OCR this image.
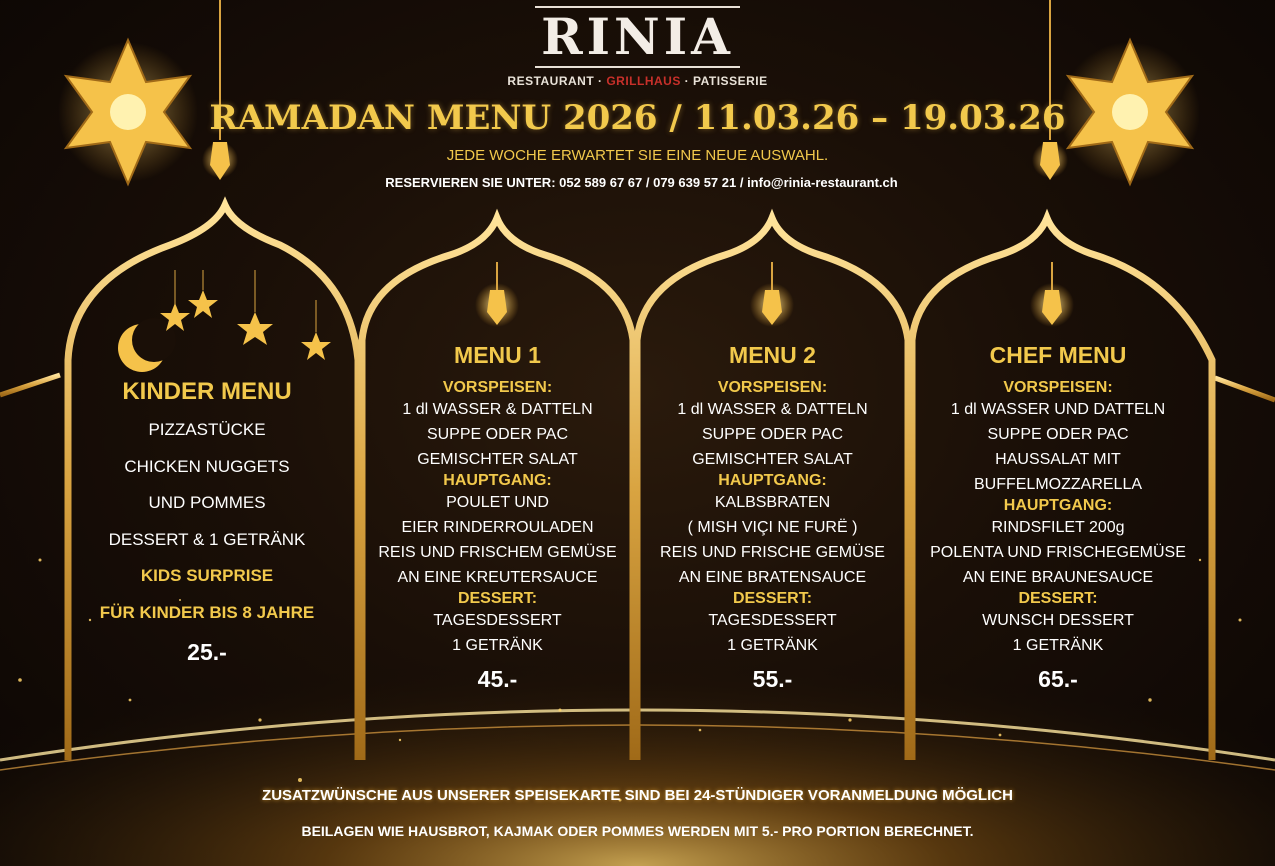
RINIA
RESTAURANT · GRILLHAUS · PATISSERIE
RAMADAN MENU 2026 / 11.03.26 – 19.03.26
JEDE WOCHE ERWARTET SIE EINE NEUE AUSWAHL.
RESERVIEREN SIE UNTER: 052 589 67 67 / 079 639 57 21 / info@rinia-restaurant.ch
KINDER MENU
PIZZASTÜCKE
CHICKEN NUGGETS
UND POMMES
DESSERT & 1 GETRÄNK
KIDS SURPRISE
FÜR KINDER BIS 8 JAHRE
25.-
MENU 1
VORSPEISEN:
1 dl WASSER & DATTELN
SUPPE ODER PAC
GEMISCHTER SALAT
HAUPTGANG:
POULET UND
EIER RINDERROULADEN
REIS UND FRISCHEM GEMÜSE
AN EINE KREUTERSAUCE
DESSERT:
TAGESDESSERT
1 GETRÄNK
45.-
MENU 2
VORSPEISEN:
1 dl WASSER & DATTELN
SUPPE ODER PAC
GEMISCHTER SALAT
HAUPTGANG:
KALBSBRATEN
( MISH VIÇI NE FURË )
REIS UND FRISCHE GEMÜSE
AN EINE BRATENSAUCE
DESSERT:
TAGESDESSERT
1 GETRÄNK
55.-
CHEF MENU
VORSPEISEN:
1 dl WASSER UND DATTELN
SUPPE ODER PAC
HAUSSALAT MIT
BUFFELMOZZARELLA
HAUPTGANG:
RINDSFILET 200g
POLENTA UND FRISCHEGEMÜSE
AN EINE BRAUNESAUCE
DESSERT:
WUNSCH DESSERT
1 GETRÄNK
65.-
ZUSATZWÜNSCHE AUS UNSERER SPEISEKARTE SIND BEI 24-STÜNDIGER VORANMELDUNG MÖGLICH
BEILAGEN WIE HAUSBROT, KAJMAK ODER POMMES WERDEN MIT 5.- PRO PORTION BERECHNET.
